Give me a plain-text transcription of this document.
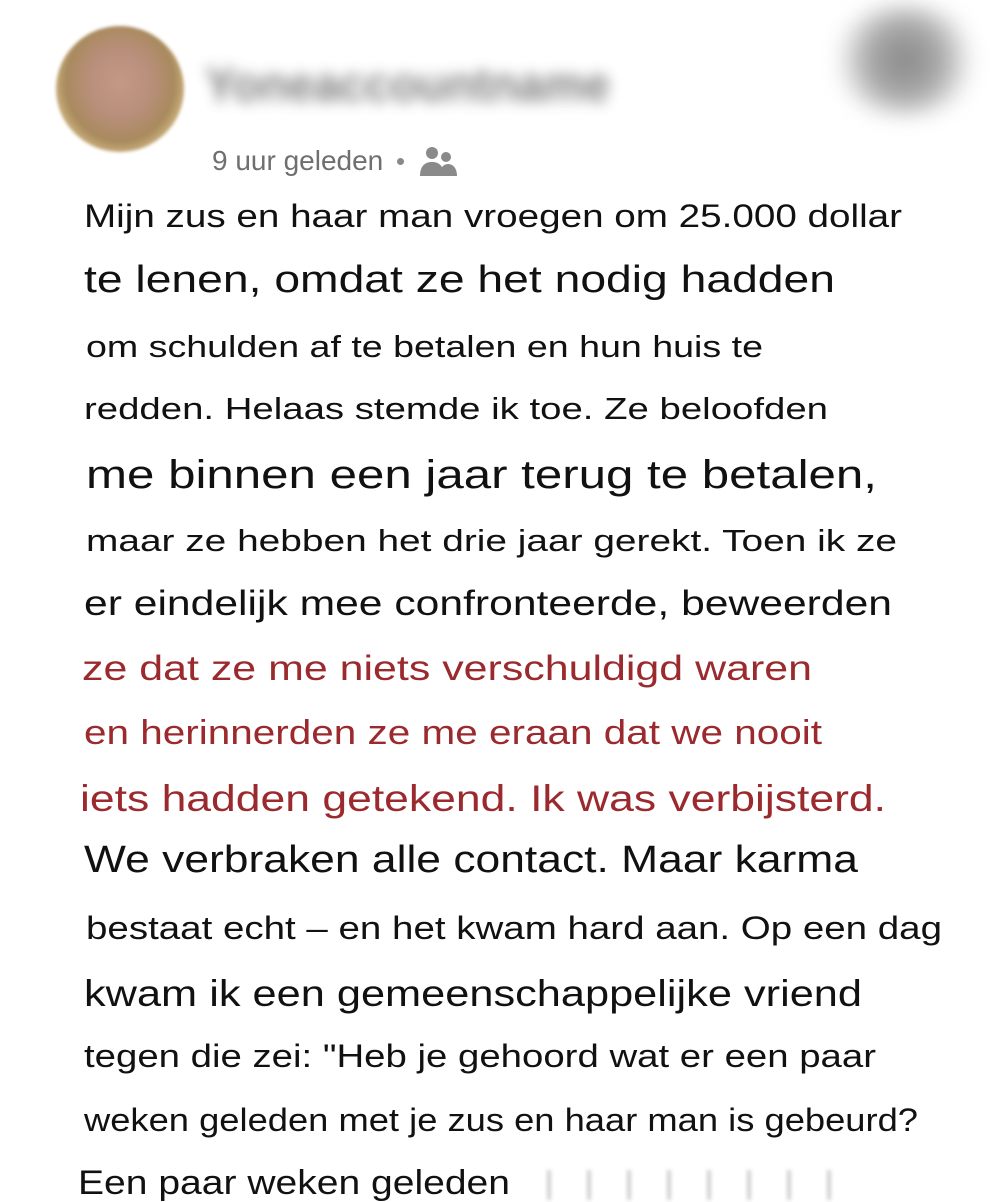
Yoneaccountname
9 uur geleden
Mijn zus en haar man vroegen om 25.000 dollar
te lenen, omdat ze het nodig hadden
om schulden af te betalen en hun huis te
redden. Helaas stemde ik toe. Ze beloofden
me binnen een jaar terug te betalen,
maar ze hebben het drie jaar gerekt. Toen ik ze
er eindelijk mee confronteerde, beweerden
ze dat ze me niets verschuldigd waren
en herinnerden ze me eraan dat we nooit
iets hadden getekend. Ik was verbijsterd.
We verbraken alle contact. Maar karma
bestaat echt – en het kwam hard aan. Op een dag
kwam ik een gemeenschappelijke vriend
tegen die zei: "Heb je gehoord wat er een paar
weken geleden met je zus en haar man is gebeurd?
Een paar weken geleden
